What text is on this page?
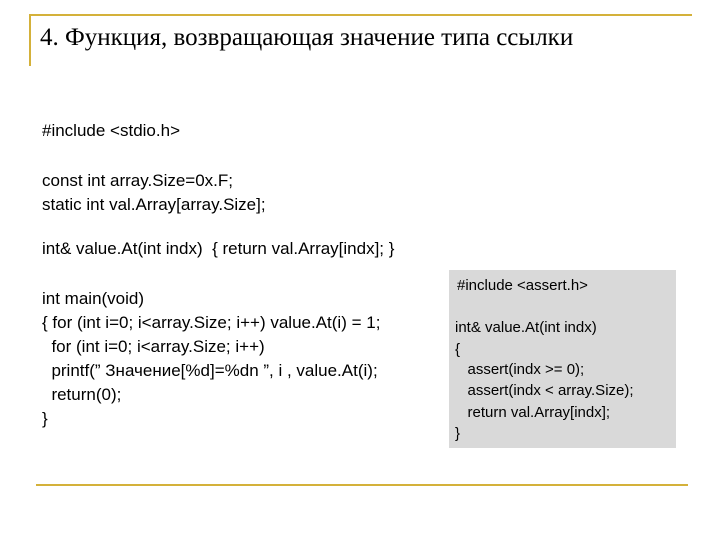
4. Функция, возвращающая значение типа ссылки
#include <stdio.h>
const int array.Size=0x.F;
static int val.Array[array.Size];
int& value.At(int indx)  { return val.Array[indx]; }
int main(void)
{ for (int i=0; i<array.Size; i++) value.At(i) = 1;
for (int i=0; i<array.Size; i++)
printf(” Значение[%d]=%dn ”, i , value.At(i);
return(0);
}
#include <assert.h>
int& value.At(int indx)
{
assert(indx >= 0);
assert(indx < array.Size);
return val.Array[indx];
}
